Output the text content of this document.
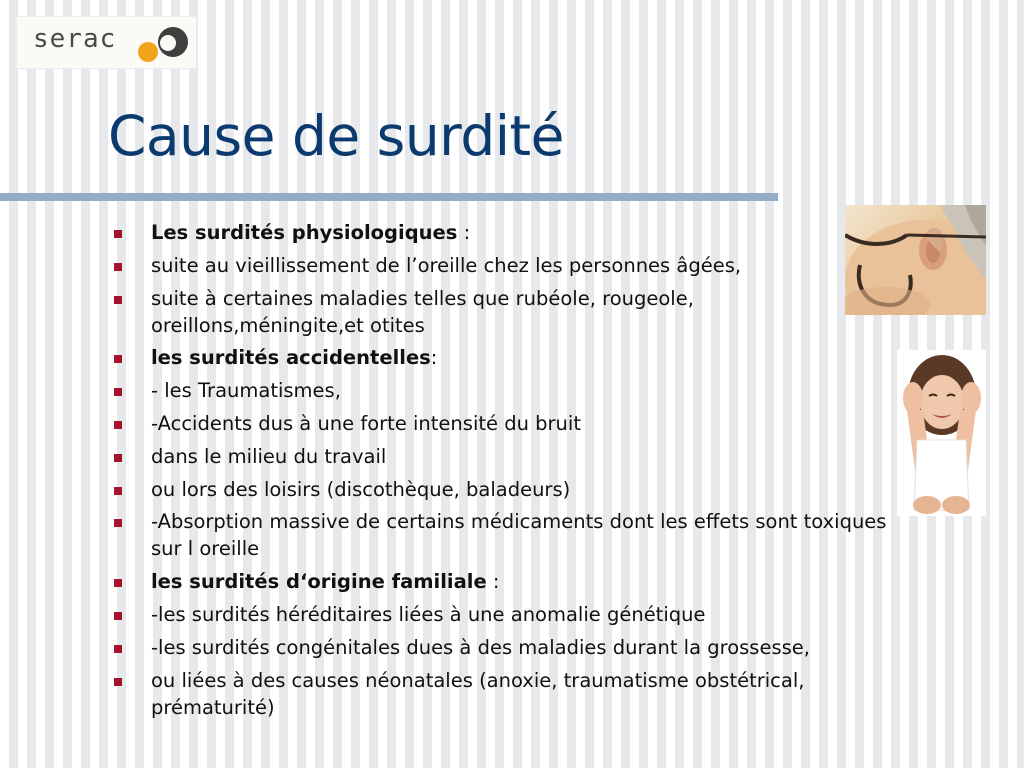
serac
Cause de surdité
Les surdités physiologiques :
suite au vieillissement de l’oreille chez les personnes âgées,
suite à certaines maladies telles que rubéole, rougeole, oreillons,méningite,et otites
les surdités accidentelles:
- les Traumatismes,
-Accidents dus à une forte intensité du bruit
dans le milieu du travail
ou lors des loisirs (discothèque, baladeurs)
-Absorption massive de certains médicaments dont les effets sont toxiques sur l oreille
les surdités d‘origine familiale :
-les surdités héréditaires liées à une anomalie génétique
-les surdités congénitales dues à des maladies durant la grossesse,
ou liées à des causes néonatales (anoxie, traumatisme obstétrical, prématurité)
